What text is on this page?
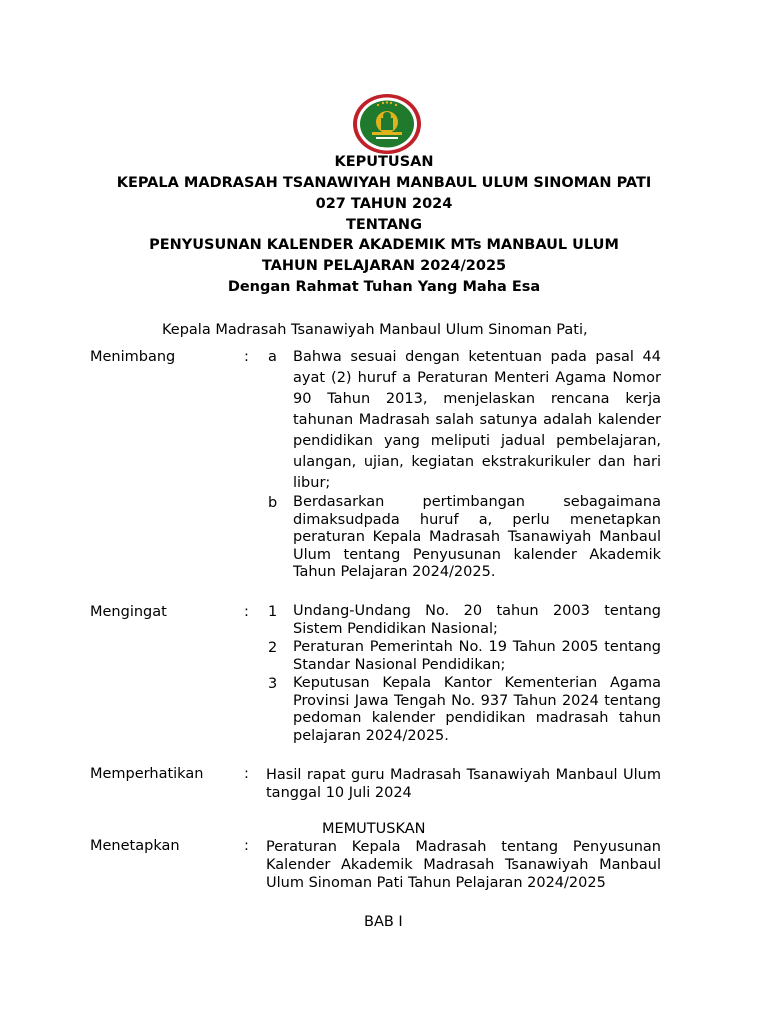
KEPUTUSAN
KEPALA MADRASAH TSANAWIYAH MANBAUL ULUM SINOMAN PATI
027 TAHUN 2024
TENTANG
PENYUSUNAN KALENDER AKADEMIK MTs MANBAUL ULUM
TAHUN PELAJARAN 2024/2025
Dengan Rahmat Tuhan Yang Maha Esa
Kepala Madrasah Tsanawiyah Manbaul Ulum Sinoman Pati,
Menimbang	: a Bahwa sesuai dengan ketentuan pada pasal 44 ayat (2) huruf a Peraturan Menteri Agama Nomor 90 Tahun 2013, menjelaskan rencana kerja tahunan Madrasah salah satunya adalah kalender pendidikan yang meliputi jadual pembelajaran, ulangan, ujian, kegiatan ekstrakurikuler dan hari libur;
b Berdasarkan pertimbangan sebagaimana dimaksudpada huruf a, perlu menetapkan peraturan Kepala Madrasah Tsanawiyah Manbaul Ulum tentang Penyusunan kalender Akademik Tahun Pelajaran 2024/2025.
Mengingat	: 1 Undang-Undang No. 20 tahun 2003 tentang Sistem Pendidikan Nasional;
2 Peraturan Pemerintah No. 19 Tahun 2005 tentang Standar Nasional Pendidikan;
3 Keputusan Kepala Kantor Kementerian Agama Provinsi Jawa Tengah No. 937 Tahun 2024 tentang pedoman kalender pendidikan madrasah tahun pelajaran 2024/2025.
Memperhatikan	: Hasil rapat guru Madrasah Tsanawiyah Manbaul Ulum tanggal 10 Juli 2024
MEMUTUSKAN
Menetapkan	: Peraturan Kepala Madrasah tentang Penyusunan Kalender Akademik Madrasah Tsanawiyah Manbaul Ulum Sinoman Pati Tahun Pelajaran 2024/2025
BAB I
